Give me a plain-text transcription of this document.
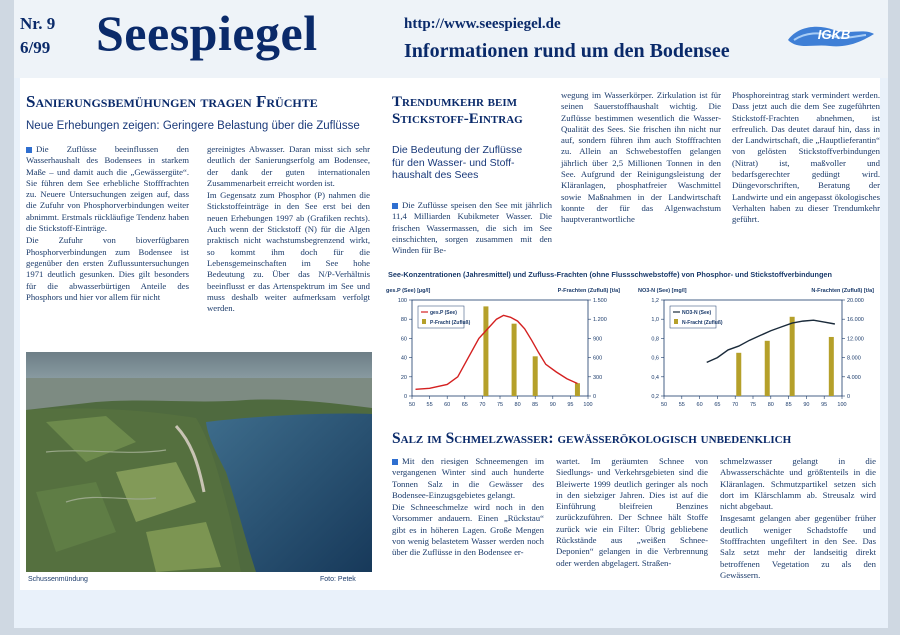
Nr. 9
6/99 Seespiegel	http://www.seespiegel.de
Informationen rund um den Bodensee
IGKB
Sanierungsbemühungen tragen Früchte
Neue Erhebungen zeigen: Geringere Belastung über die Zuflüsse

Die Zuflüsse beeinflussen den Wasserhaushalt des Bodensees in starkem Maße – und damit auch die „Gewässergüte“. Sie führen dem See erhebliche Stofffrachten zu. Neuere Untersuchungen zeigen auf, dass die Zufuhr von Phosphorverbindungen weiter abnimmt. Erstmals rückläufige Tendenz haben die Stickstoff-Einträge.

Die Zufuhr von bioverfügbaren Phosphorverbindungen zum Bodensee ist gegenüber den ersten Zuflussuntersuchungen 1971 deutlich gesunken. Dies gilt besonders für die abwasserbürtigen Anteile des Phosphors und hier vor allem für nicht

gereinigtes Abwasser. Daran misst sich sehr deutlich der Sanierungserfolg am Bodensee, der dank der guten internationalen Zusammenarbeit erreicht worden ist.

Im Gegensatz zum Phosphor (P) nahmen die Stickstoffeinträge in den See erst bei den neuen Erhebungen 1997 ab (Grafiken rechts). Auch wenn der Stickstoff (N) für die Algen praktisch nicht wachstumsbegrenzend wirkt, so kommt ihm doch für die Lebensgemeinschaften im See hohe Bedeutung zu. Über das N/P-Verhältnis beeinflusst er das Artenspektrum im See und muss deshalb weiter aufmerksam verfolgt werden.

Schussenmündung	Foto: Petek
Trendumkehr beim
Stickstoff-Eintrag
Die Bedeutung der Zuflüsse
für den Wasser- und Stoff-
haushalt des Sees

Die Zuflüsse speisen den See mit jährlich 11,4 Milliarden Kubikmeter Wasser. Die frischen Wassermassen, die sich im See einschichten, sorgen zusammen mit den Winden für Be-

wegung im Wasserkörper. Zirkulation ist für seinen Sauerstoffhaushalt wichtig. Die Zuflüsse bestimmen wesentlich die Wasser-Qualität des Sees. Sie frischen ihn nicht nur auf, sondern führen ihm auch Stofffrachten zu. Allein an Schwebestoffen gelangen jährlich über 2,5 Millionen Tonnen in den See. Aufgrund der Reinigungsleistung der Kläranlagen, phosphatfreier Waschmittel sowie Maßnahmen in der Landwirtschaft konnte der für das Algenwachstum hauptverantwortliche

Phosphoreintrag stark vermindert werden. Dass jetzt auch die dem See zugeführten Stickstoff-Frachten abnehmen, ist erfreulich. Das deutet darauf hin, dass in der Landwirtschaft, die „Hauptlieferantin“ von gelösten Stickstoffverbindungen (Nitrat) ist, maßvoller und bedarfsgerechter gedüngt wird. Düngevorschriften, Beratung der Landwirte und ein angepasst ökologisches Verhalten haben zu dieser Trendumkehr geführt.

See-Konzentrationen (Jahresmittel) und Zufluss-Frachten (ohne Flussschwebstoffe) von Phosphor- und Stickstoffverbindungen
ges.P (See) [µg/l]	P-Frachten (Zufluß) [t/a]
100
80
60
40
20
0
1.500
1.200
900
600
300
0
50 55 60 65 70 75 80 85 90 95 100
ges.P (See)
P-Fracht (Zufluß)
NO3-N (See) [mg/l]	N-Frachten (Zufluß) [t/a]
1,2
1,0
0,8
0,6
0,4
0,2
20.000
16.000
12.000
8.000
4.000
0
50 55 60 65 70 75 80 85 90 95 100
NO3-N (See)
N-Fracht (Zufluß)
Salz im Schmelzwasser: gewässerökologisch unbedenklich

Mit den riesigen Schneemengen im vergangenen Winter sind auch hunderte Tonnen Salz in die Gewässer des Bodensee-Einzugsgebietes gelangt.

Die Schneeschmelze wird noch in den Vorsommer andauern. Einen „Rückstau“ gibt es in höheren Lagen. Große Mengen von wenig belastetem Wasser werden noch über die Zuflüsse in den Bodensee er-

wartet. Im geräumten Schnee von Siedlungs- und Verkehrsgebieten sind die Bleiwerte 1999 deutlich geringer als noch in den siebziger Jahren. Dies ist auf die Einführung bleifreien Benzines zurückzuführen. Der Schnee hält Stoffe zurück wie ein Filter: Übrig gebliebene Rückstände aus „weißen Schnee-Deponien“ gelangen in die Verbrennung oder werden abgelagert. Straßen-

schmelzwasser gelangt in die Abwasserschächte und größtenteils in die Kläranlagen. Schmutzpartikel setzen sich dort im Klärschlamm ab. Streusalz wird nicht abgebaut.

Insgesamt gelangen aber gegenüber früher deutlich weniger Schadstoffe und Stofffrachten ungefiltert in den See. Das Salz setzt mehr der landseitig direkt betroffenen Vegetation zu als den Gewässern.
